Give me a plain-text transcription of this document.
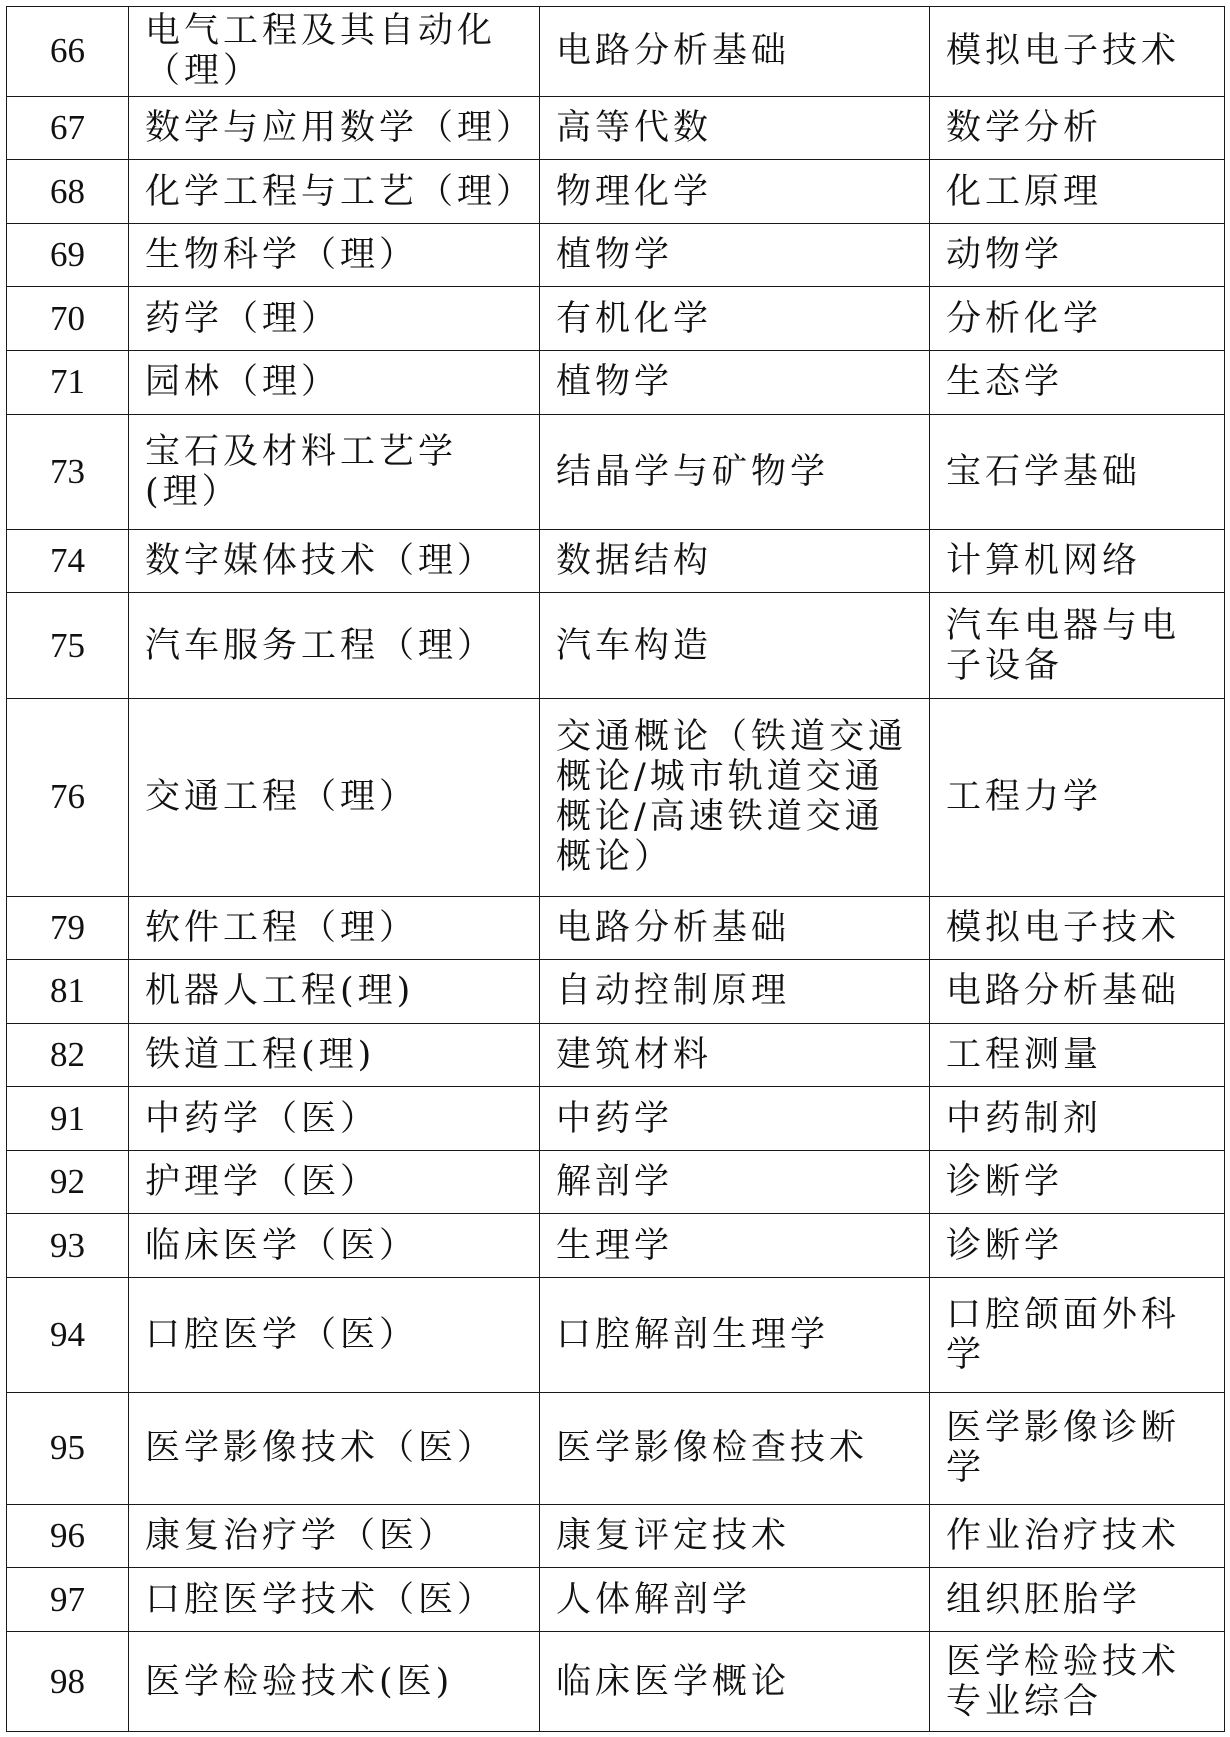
66	电气工程及其自动化（理）	电路分析基础	模拟电子技术
67	数学与应用数学（理）	高等代数	数学分析
68	化学工程与工艺（理）	物理化学	化工原理
69	生物科学（理）	植物学	动物学
70	药学（理）	有机化学	分析化学
71	园林（理）	植物学	生态学
73	宝石及材料工艺学(理）	结晶学与矿物学	宝石学基础
74	数字媒体技术（理）	数据结构	计算机网络
75	汽车服务工程（理）	汽车构造	汽车电器与电子设备
76	交通工程（理）	交通概论（铁道交通概论/城市轨道交通概论/高速铁道交通概论）	工程力学
79	软件工程（理）	电路分析基础	模拟电子技术
81	机器人工程(理)	自动控制原理	电路分析基础
82	铁道工程(理)	建筑材料	工程测量
91	中药学（医）	中药学	中药制剂
92	护理学（医）	解剖学	诊断学
93	临床医学（医）	生理学	诊断学
94	口腔医学（医）	口腔解剖生理学	口腔颌面外科学
95	医学影像技术（医）	医学影像检查技术	医学影像诊断学
96	康复治疗学（医）	康复评定技术	作业治疗技术
97	口腔医学技术（医）	人体解剖学	组织胚胎学
98	医学检验技术(医)	临床医学概论	医学检验技术专业综合
